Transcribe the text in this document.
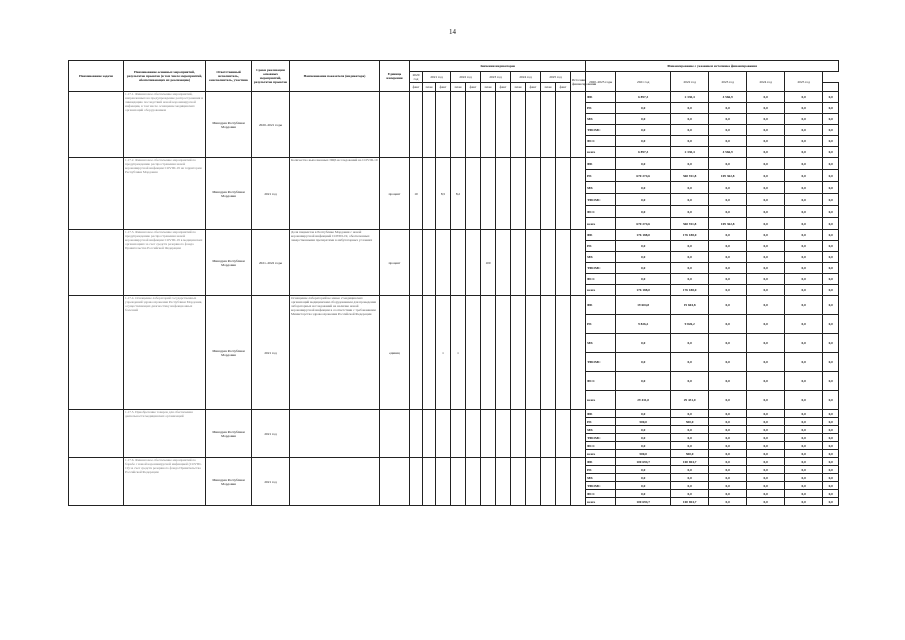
14
Наименование задачи	Наименование основных мероприятий, результатов проектов (в том числе мероприятий, обеспечивающих их реализацию)	Ответственный исполнитель, соисполнитель, участник	Сроки реализации основных мероприятий, результатов проектов	Наименование показателя (индикатора)	Единица измерения	Значения индикаторов												Финансирование с указанием источника финансирования						
						2020 год	2021 год		2022 год		2023 год		2024 год		2025 год		Источник финансирования	2020–2025 годы	2021 год	2022 год	2023 год	2024 год	2025 год	
						факт	план	факт	план	факт	план	факт	план	факт	план	факт								
	1.17.1. Финансовое обеспечение мероприятий, направленных на предупреждение распространения и ликвидацию последствий новой коронавирусной инфекции, в том числе оснащение медицинских организаций оборудованием	Минздрав Республики Мордовия	2020–2021 годы															ФБ	6 897,3	2 330,4	4 566,9	0,0	0,0	0,0
																		РБ	0,0	0,0	0,0	0,0	0,0	0,0
																		МБ	0,0	0,0	0,0	0,0	0,0	0,0
																		ТФОМС	0,0	0,0	0,0	0,0	0,0	0,0
																		ФСС	0,0	0,0	0,0	0,0	0,0	0,0
																		всего	6 897,3	2 330,4	4 566,9	0,0	0,0	0,0
	1.17.2. Финансовое обеспечение мероприятий по предупреждению распространения новой коронавирусной инфекции COVID-19 на территории Республики Мордовия	Минздрав Республики Мордовия	2021 год	Количество выполненных ПЦР-исследований на COVID-19	процент	10		8,5	8,2									ФБ	0,0	0,0	0,0	0,0	0,0	0,0
																		РБ	670 274,6	560 911,8	109 362,8	0,0	0,0	0,0
																		МБ	0,0	0,0	0,0	0,0	0,0	0,0
																		ТФОМС	0,0	0,0	0,0	0,0	0,0	0,0
																		ФСС	0,0	0,0	0,0	0,0	0,0	0,0
																		всего	670 274,6	560 911,8	109 362,8	0,0	0,0	0,0
	1.17.3. Финансовое обеспечение мероприятий по предупреждению распространения новой коронавирусной инфекции COVID-19 в медицинских организациях за счет средств резервного фонда Правительства Российской Федерации	Минздрав Республики Мордовия	2021–2022 годы	Доля пациентов в Республике Мордовия с новой коронавирусной инфекцией COVID-19, обеспеченных лекарственными препаратами в амбулаторных условиях	процент						100							ФБ	176 188,0	176 188,0	0,0	0,0	0,0	0,0
																		РБ	0,0	0,0	0,0	0,0	0,0	0,0
																		МБ	0,0	0,0	0,0	0,0	0,0	0,0
																		ТФОМС	0,0	0,0	0,0	0,0	0,0	0,0
																		ФСС	0,0	0,0	0,0	0,0	0,0	0,0
																		всего	176 188,0	176 188,0	0,0	0,0	0,0	0,0
	1.17.4. Оснащение лабораторий государственных учреждений здравоохранения Республики Мордовия, осуществляющих диагностику инфекционных болезней	Минздрав Республики Мордовия	2021 год	Оснащение лабораторий не менее 2 медицинских организаций медицинским оборудованием для проведения лабораторных исследований на наличие новой коронавирусной инфекции в соответствии с требованиями Министерства здравоохранения Российской Федерации	единиц			1	1									ФБ	19 604,8	19 604,8	0,0	0,0	0,0	0,0
																		РБ	9 826,2	9 826,2	0,0	0,0	0,0	0,0
																		МБ	0,0	0,0	0,0	0,0	0,0	0,0
																		ТФОМС	0,0	0,0	0,0	0,0	0,0	0,0
																		ФСС	0,0	0,0	0,0	0,0	0,0	0,0
																		всего	29 431,0	29 431,0	0,0	0,0	0,0	0,0
	1.17.5. Приобретение товаров для обеспечения деятельности медицинских организаций	Минздрав Республики Мордовия	2021 год															ФБ	0,0	0,0	0,0	0,0	0,0	0,0
																		РБ	500,0	500,0	0,0	0,0	0,0	0,0
																		МБ	0,0	0,0	0,0	0,0	0,0	0,0
																		ТФОМС	0,0	0,0	0,0	0,0	0,0	0,0
																		ФСС	0,0	0,0	0,0	0,0	0,0	0,0
																		всего	500,0	500,0	0,0	0,0	0,0	0,0
	1.17.6. Финансовое обеспечение мероприятий по борьбе с новой коронавирусной инфекцией (COVID-19) за счет средств резервного фонда Правительства Российской Федерации	Минздрав Республики Мордовия	2021 год															ФБ	100 694,7	100 694,7	0,0	0,0	0,0	0,0
																		РБ	0,0	0,0	0,0	0,0	0,0	0,0
																		МБ	0,0	0,0	0,0	0,0	0,0	0,0
																		ТФОМС	0,0	0,0	0,0	0,0	0,0	0,0
																		ФСС	0,0	0,0	0,0	0,0	0,0	0,0
																		всего	100 694,7	100 694,7	0,0	0,0	0,0	0,0
